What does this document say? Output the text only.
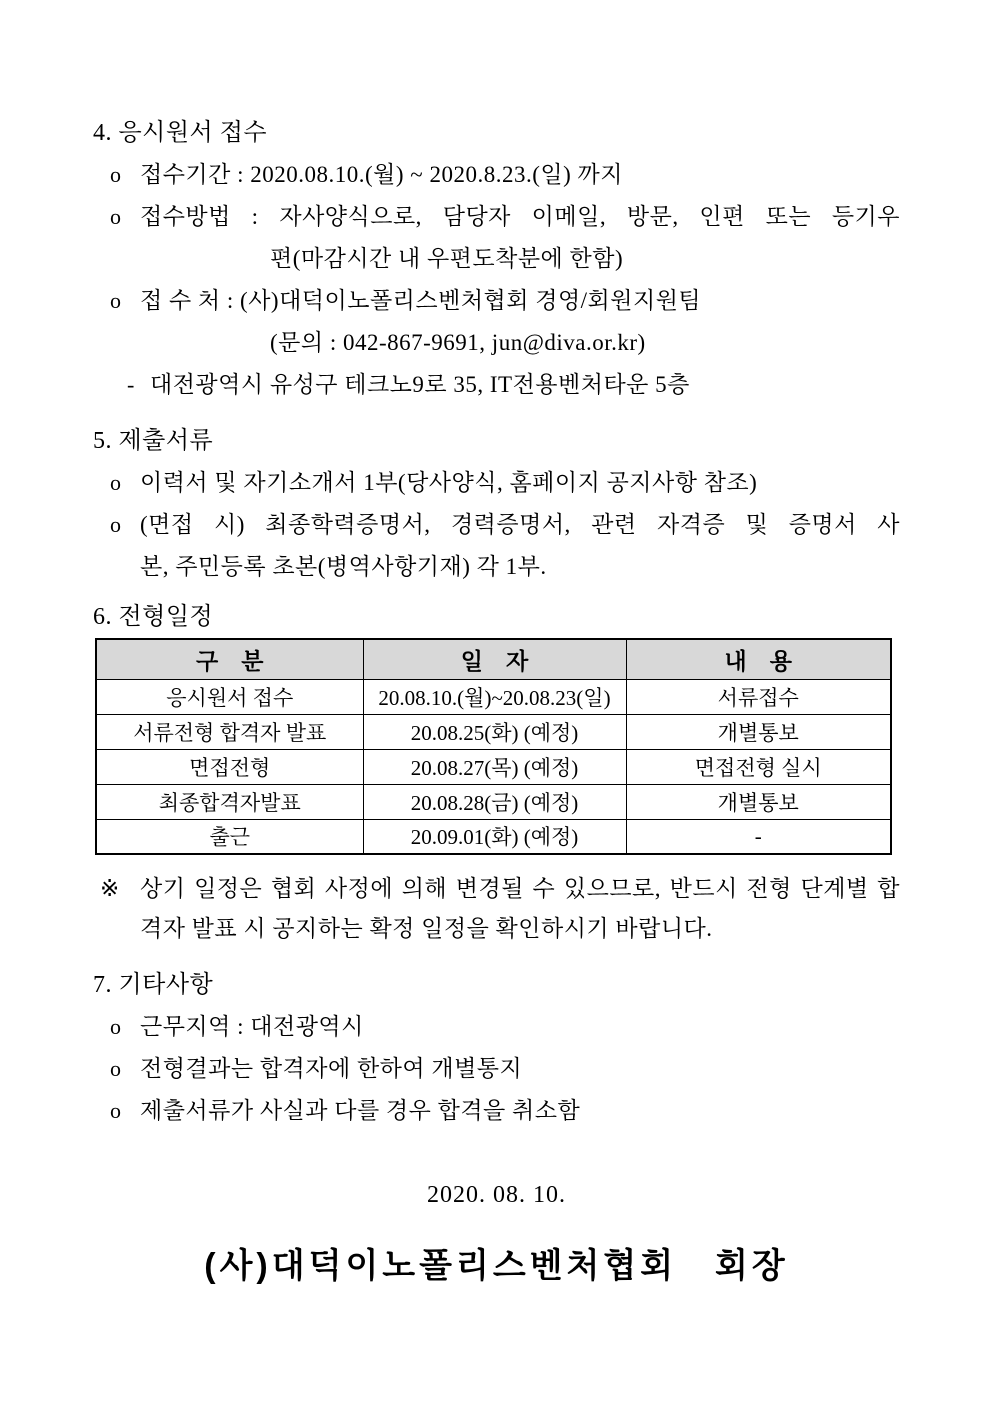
4. 응시원서 접수
o 접수기간 : 2020.08.10.(월) ~ 2020.8.23.(일) 까지
o 접수방법 : 자사양식으로, 담당자 이메일, 방문, 인편 또는 등기우
편(마감시간 내 우편도착분에 한함)
o 접 수 처 : (사)대덕이노폴리스벤처협회 경영/회원지원팀
(문의 : 042-867-9691, jun@diva.or.kr)
- 대전광역시 유성구 테크노9로 35, IT전용벤처타운 5층
5. 제출서류
o 이력서 및 자기소개서 1부(당사양식, 홈페이지 공지사항 참조)
o (면접 시) 최종학력증명서, 경력증명서, 관련 자격증 및 증명서 사
본, 주민등록 초본(병역사항기재) 각 1부.
6. 전형일정
구　분	일　자	내　용
응시원서 접수	20.08.10.(월)~20.08.23(일)	서류접수
서류전형 합격자 발표	20.08.25(화) (예정)	개별통보
면접전형	20.08.27(목) (예정)	면접전형 실시
최종합격자발표	20.08.28(금) (예정)	개별통보
출근	20.09.01(화) (예정)	-
※ 상기 일정은 협회 사정에 의해 변경될 수 있으므로, 반드시 전형 단계별 합
격자 발표 시 공지하는 확정 일정을 확인하시기 바랍니다.
7. 기타사항
o 근무지역 : 대전광역시
o 전형결과는 합격자에 한하여 개별통지
o 제출서류가 사실과 다를 경우 합격을 취소함
2020. 08. 10.
(사)대덕이노폴리스벤처협회　회장
